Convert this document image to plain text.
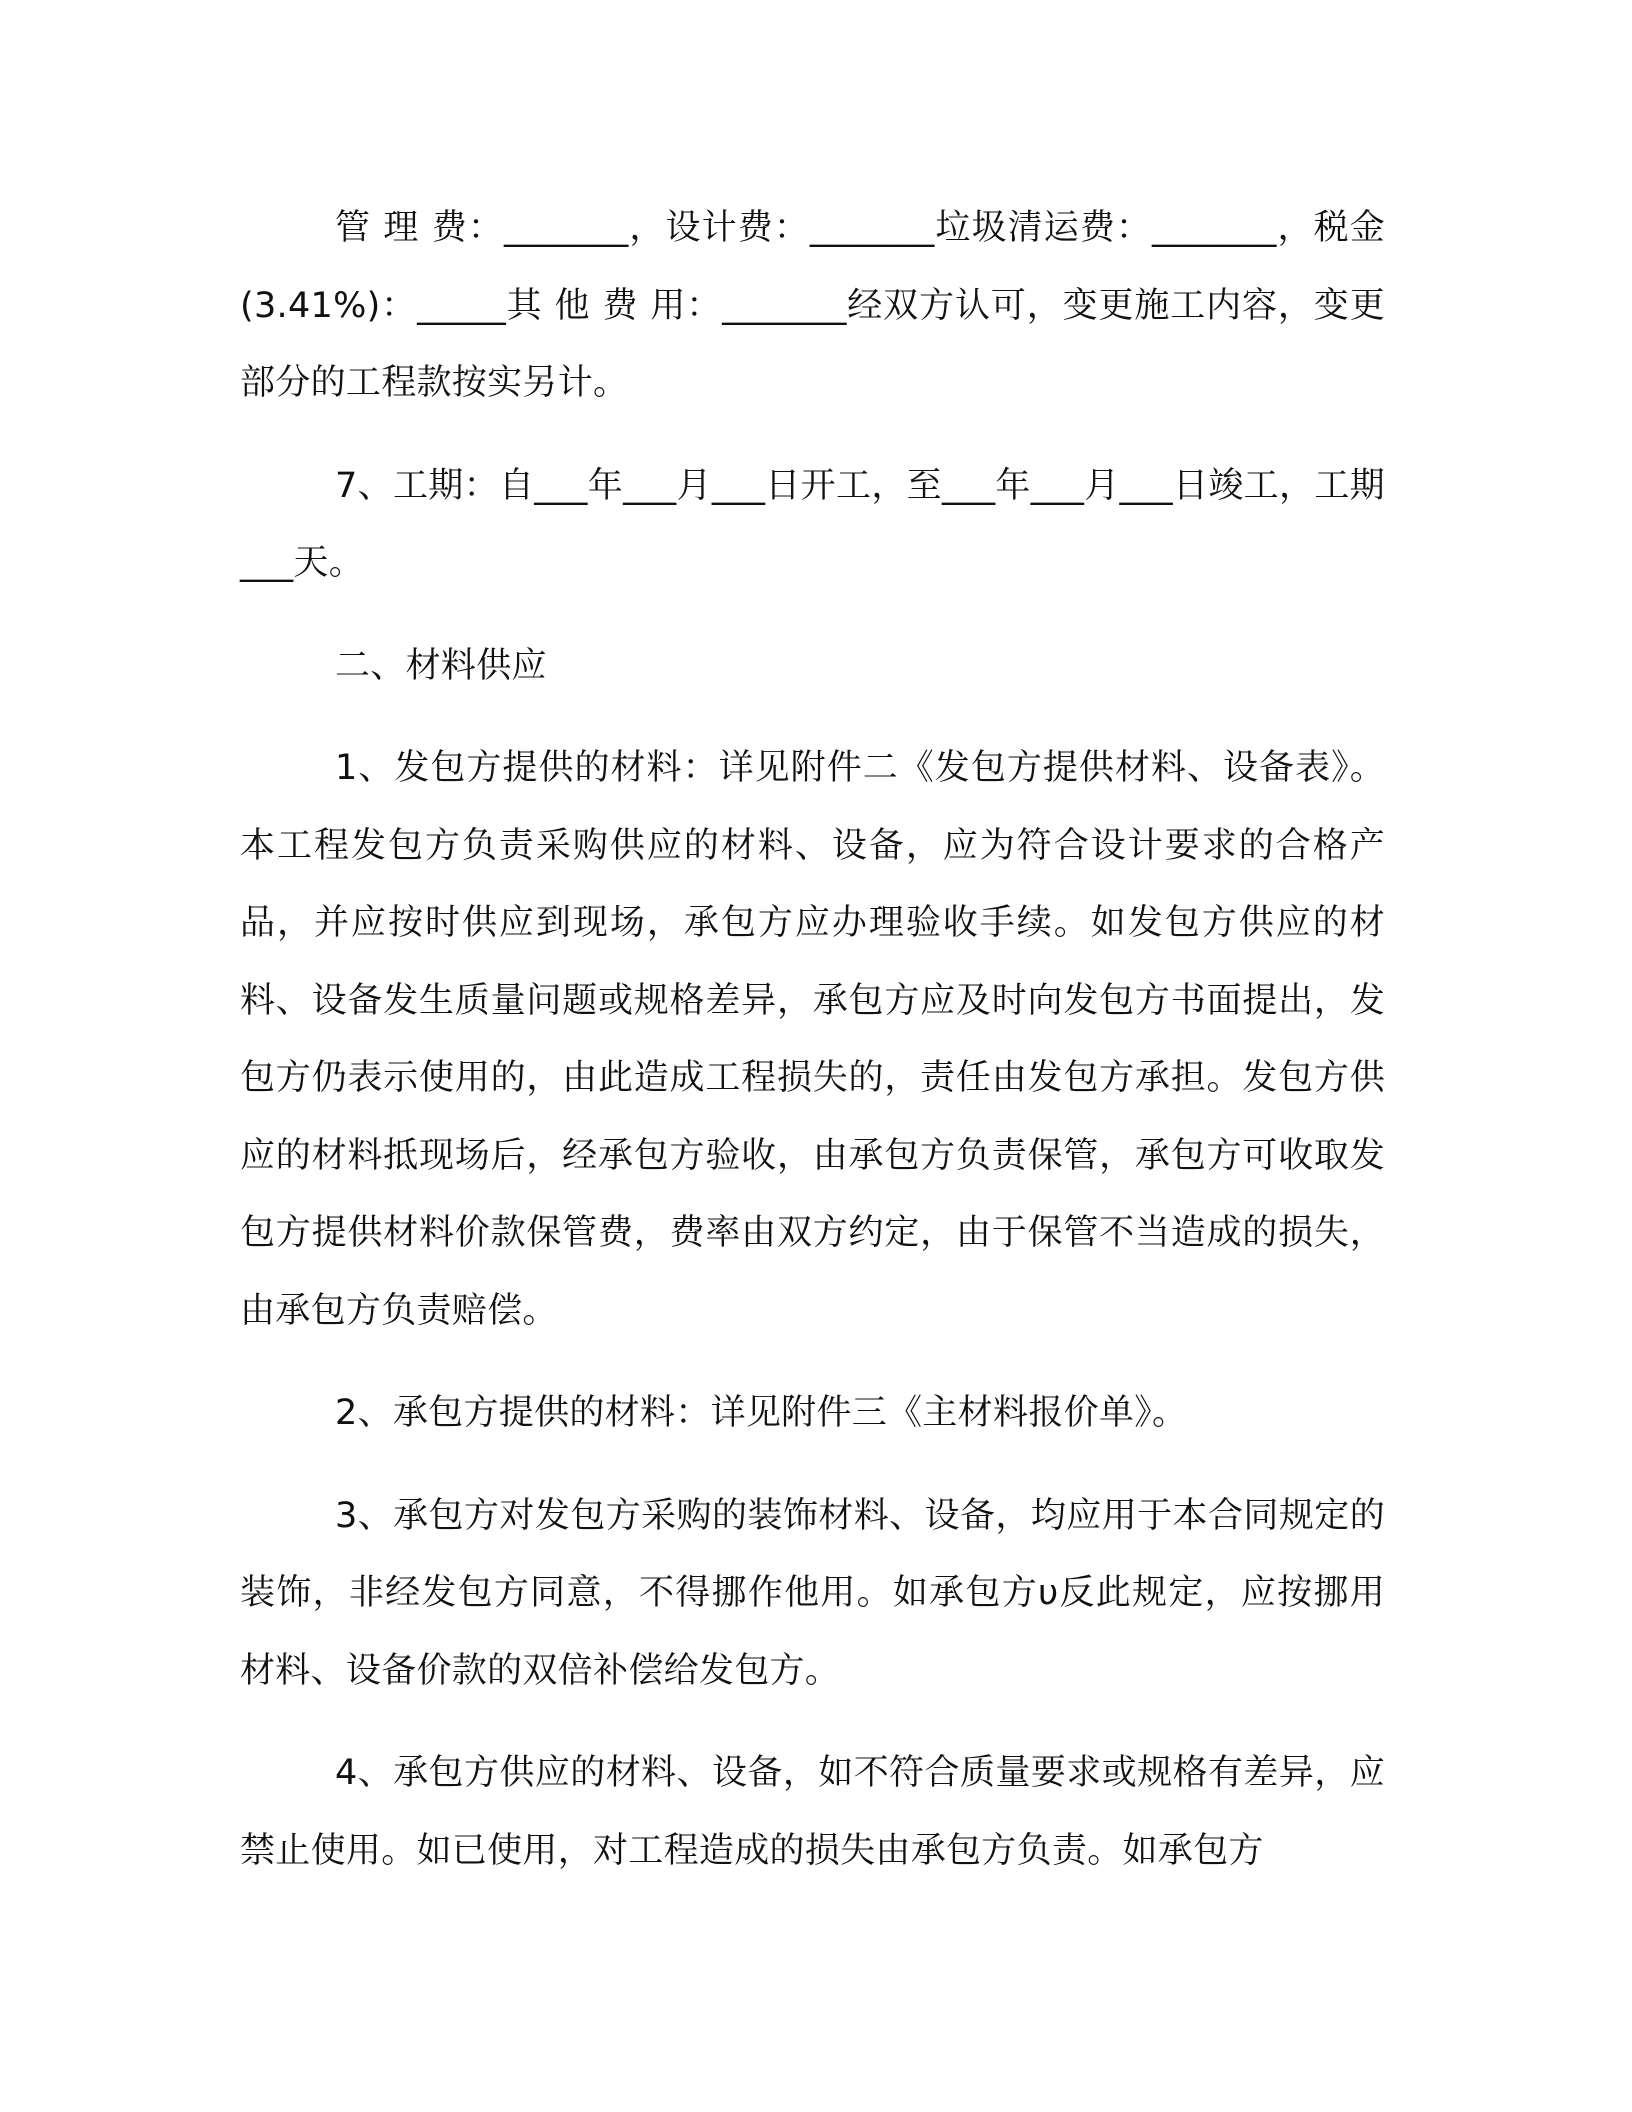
管 理 费：_______，设计费：_______垃圾清运费：_______，税金(3.41%)：_____其 他 费 用：_______经双方认可，变更施工内容，变更部分的工程款按实另计。

7、工期：自___年___月___日开工，至___年___月___日竣工，工期___天。

二、材料供应

1、发包方提供的材料：详见附件二《发包方提供材料、设备表》。本工程发包方负责采购供应的材料、设备，应为符合设计要求的合格产品，并应按时供应到现场，承包方应办理验收手续。如发包方供应的材料、设备发生质量问题或规格差异，承包方应及时向发包方书面提出，发包方仍表示使用的，由此造成工程损失的，责任由发包方承担。发包方供应的材料抵现场后，经承包方验收，由承包方负责保管，承包方可收取发包方提供材料价款保管费，费率由双方约定，由于保管不当造成的损失，由承包方负责赔偿。

2、承包方提供的材料：详见附件三《主材料报价单》。

3、承包方对发包方采购的装饰材料、设备，均应用于本合同规定的装饰，非经发包方同意，不得挪作他用。如承包方υ反此规定，应按挪用材料、设备价款的双倍补偿给发包方。

4、承包方供应的材料、设备，如不符合质量要求或规格有差异，应禁止使用。如已使用，对工程造成的损失由承包方负责。如承包方
